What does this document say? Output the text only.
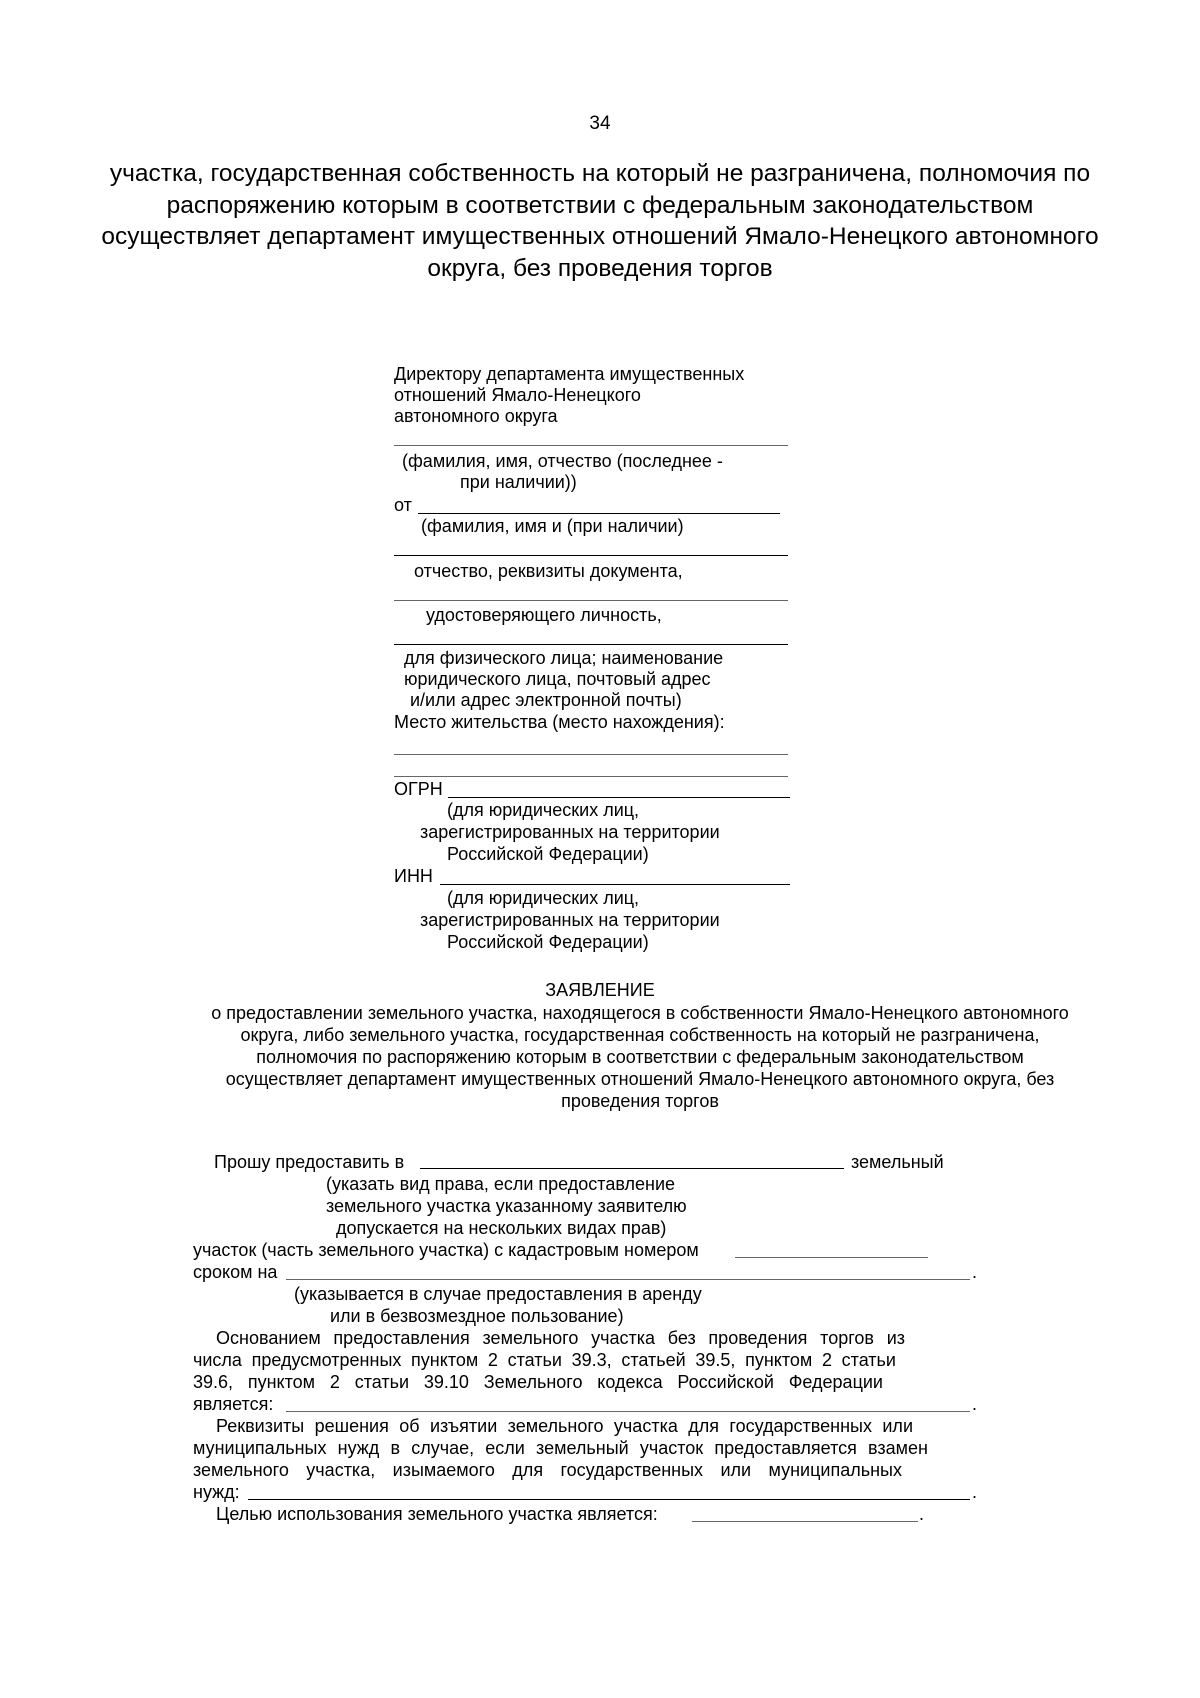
34
участка, государственная собственность на который не разграничена, полномочия по распоряжению которым в соответствии с федеральным законодательством осуществляет департамент имущественных отношений Ямало-Ненецкого автономного округа, без проведения торгов
Директору департамента имущественных
отношений Ямало-Ненецкого
автономного округа
(фамилия, имя, отчество (последнее -
при наличии))
от
(фамилия, имя и (при наличии)
отчество, реквизиты документа,
удостоверяющего личность,
для физического лица; наименование
юридического лица, почтовый адрес
и/или адрес электронной почты)
Место жительства (место нахождения):
ОГРН
(для юридических лиц,
зарегистрированных на территории
Российской Федерации)
ИНН
(для юридических лиц,
зарегистрированных на территории
Российской Федерации)
ЗАЯВЛЕНИЕ
о предоставлении земельного участка, находящегося в собственности Ямало-Ненецкого автономного округа, либо земельного участка, государственная собственность на который не разграничена, полномочия по распоряжению которым в соответствии с федеральным законодательством осуществляет департамент имущественных отношений Ямало-Ненецкого автономного округа, без проведения торгов
Прошу предоставить в	земельный
(указать вид права, если предоставление
земельного участка указанному заявителю
допускается на нескольких видах прав)
участок (часть земельного участка) с кадастровым номером
сроком на	.
(указывается в случае предоставления в аренду
или в безвозмездное пользование)
Основанием предоставления земельного участка без проведения торгов из
числа предусмотренных пунктом 2 статьи 39.3, статьей 39.5, пунктом 2 статьи
39.6, пунктом 2 статьи 39.10 Земельного кодекса Российской Федерации
является:	.
Реквизиты решения об изъятии земельного участка для государственных или
муниципальных нужд в случае, если земельный участок предоставляется взамен
земельного участка, изымаемого для государственных или муниципальных
нужд:	.
Целью использования земельного участка является:	.
